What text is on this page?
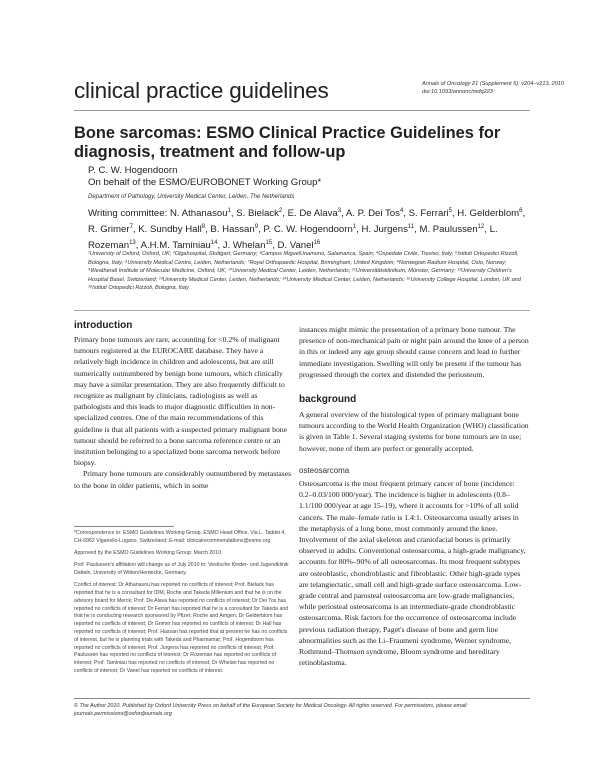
clinical practice guidelines	Annals of Oncology 21 (Supplement 5): v204–v213, 2010
doi:10.1093/annonc/mdq223
Bone sarcomas: ESMO Clinical Practice Guidelines for diagnosis, treatment and follow-up
P. C. W. Hogendoorn
On behalf of the ESMO/EUROBONET Working Group*
Department of Pathology, University Medical Center, Leiden, The Netherlands
Writing committee: N. Athanasou$^1$, S. Bielack$^2$, E. De Alava$^3$, A. P. Dei Tos$^4$, S. Ferrari$^5$, H. Gelderblom$^6$, R. Grimer$^7$, K. Sundby Hall$^8$, B. Hassan$^9$, P. C. W. Hogendoorn$^1$, H. Jurgens$^{11}$, M. Paulussen$^{12}$, L. Rozeman$^{13}$, A.H.M. Taminiau$^{14}$, J. Whelan$^{15}$, D. Vanel$^{16}$
¹University of Oxford, Oxford, UK; ²Olgahospital, Stuttgart, Germany; ³Campus MiguelUnamuno, Salamanca, Spain; ⁴Ospedale Civile, Treviso, Italy; ⁵Istituti Ortopedici Rizzoli, Bologna, Italy; ⁶University Medical Centre, Leiden, Netherlands; ⁷Royal Orthopaedic Hospital, Birmingham, United Kingdom; ⁸Norwegian Radium Hospital, Oslo, Norway; ⁹Weatherall Institute of Molecular Medicine, Oxford, UK; ¹⁰University Medical Center, Leiden, Netherlands; ¹¹Universitätsklinikum, Münster, Germany; ¹²University Children's Hospital Basel, Switzerland; ¹³University Medical Center, Leiden, Netherlands; ¹⁴University Medical Center, Leiden, Netherlands; ¹⁵University College Hospital, London, UK and ¹⁶Istituti Ortopedici Rizzoli, Bologna, Italy
introduction

Primary bone tumours are rare, accounting for <0.2% of malignant tumours registered at the EUROCARE database. They have a relatively high incidence in children and adolescents, but are still numerically outnumbered by benign bone tumours, which clinically may have a similar presentation. They are also frequently difficult to recognize as malignant by clinicians, radiologists as well as pathologists and this leads to major diagnostic difficulties in non-specialized centres. One of the main recommendations of this guideline is that all patients with a suspected primary malignant bone tumour should be referred to a bone sarcoma reference centre or an institution belonging to a specialized bone sarcoma network before biopsy.

Primary bone tumours are considerably outnumbered by metastases to the bone in older patients, which in some

*Correspondence to: ESMO Guidelines Working Group, ESMO Head Office, Via L. Taddei 4, CH-6962 Viganello-Lugano, Switzerland; E-mail: clinicalrecommendations@esmo.org

Approved by the ESMO Guidelines Working Group: March 2010.

Prof. Paulussen's affiliation will change as of July 2010 to: Vestische Kinder- und Jugendklinik Datteln, University of Witten/Herdecke, Germany.

Conflict of interest: Dr Athanasou has reported no conflicts of interest; Prof. Bielack has reported that he is a consultant for IDM, Roche and Takeda Millenium and that he is on the advisory board for Merck; Prof. De Alava has reported no conflicts of interest; Dr Dei Tos has reported no conflicts of interest; Dr Ferrari has reported that he is a consultant for Takeda and that he is conducting research sponsored by Pfizer, Roche and Amgen; Dr Gelderblom has reported no conflicts of interest; Dr Grimer has reported no conflicts of interest; Dr Hall has reported no conflicts of interest; Prof. Hassan has reported that at present he has no conflicts of interest, but he is planning trials with Takeda and Pharmamar; Prof. Hogendoorn has reported no conflicts of interest; Prof. Jurgens has reported no conflicts of interest; Prof. Paulussen has reported no conflicts of interest; Dr Rozeman has reported no conflicts of interest; Prof. Taminiau has reported no conflicts of interest; Dr Whelan has reported no conflicts of interest; Dr Vanel has reported no conflicts of interest.

instances might mimic the presentation of a primary bone tumour. The presence of non-mechanical pain or night pain around the knee of a person in this or indeed any age group should cause concern and lead to further immediate investigation. Swelling will only be present if the tumour has progressed through the cortex and distended the periosteum.

background

A general overview of the histological types of primary malignant bone tumours according to the World Health Organization (WHO) classification is given in Table 1. Several staging systems for bone tumours are in use; however, none of them are perfect or generally accepted.

osteosarcoma

Osteosarcoma is the most frequent primary cancer of bone (incidence: 0.2–0.03/100 000/year). The incidence is higher in adolescents (0.8–1.1/100 000/year at age 15–19), where it accounts for >10% of all solid cancers. The male–female ratio is 1.4:1. Osteosarcoma usually arises in the metaphysis of a long bone, most commonly around the knee. Involvement of the axial skeleton and craniofacial bones is primarily observed in adults. Conventional osteosarcoma, a high-grade malignancy, accounts for 80%–90% of all osteosarcomas. Its most frequent subtypes are osteoblastic, chondroblastic and fibroblastic. Other high-grade types are telangiectatic, small cell and high-grade surface osteosarcoma. Low-grade central and parosteal osteosarcoma are low-grade malignancies, while periosteal osteosarcoma is an intermediate-grade chondroblastic osteosarcoma. Risk factors for the occurrence of osteosarcoma include previous radiation therapy, Paget's disease of bone and germ line abnormalities such as the Li–Fraumeni syndrome, Werner syndrome, Rothmund–Thomson syndrome, Bloom syndrome and hereditary retinoblastoma.

© The Author 2010. Published by Oxford University Press on behalf of the European Society for Medical Oncology. All rights reserved. For permissions, please email: journals.permissions@oxfordjournals.org
